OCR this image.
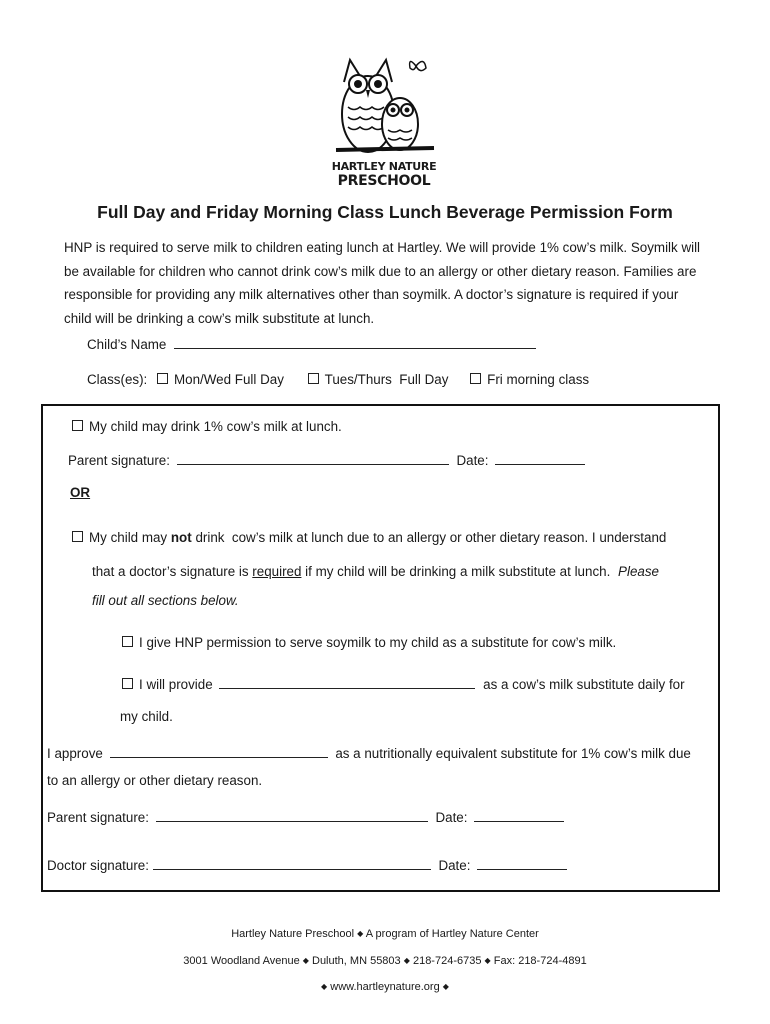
HARTLEY NATURE
PRESCHOOL
Full Day and Friday Morning Class Lunch Beverage Permission Form
HNP is required to serve milk to children eating lunch at Hartley. We will provide 1% cow’s milk. Soymilk will be available for children who cannot drink cow’s milk due to an allergy or other dietary reason. Families are responsible for providing any milk alternatives other than soymilk. A doctor’s signature is required if your child will be drinking a cow’s milk substitute at lunch.
Child’s Name
Class(es): Mon/Wed Full Day	Tues/Thurs  Full Day	Fri morning class
My child may drink 1% cow’s milk at lunch.
Parent signature:	Date:
OR
My child may not drink  cow’s milk at lunch due to an allergy or other dietary reason. I understand
that a doctor’s signature is required if my child will be drinking a milk substitute at lunch. Please
fill out all sections below.
I give HNP permission to serve soymilk to my child as a substitute for cow’s milk.
I will provide	as a cow’s milk substitute daily for
my child.
I approve	as a nutritionally equivalent substitute for 1% cow’s milk due
to an allergy or other dietary reason.
Parent signature:	Date:
Doctor signature:	Date:
Hartley Nature Preschool ◆ A program of Hartley Nature Center
3001 Woodland Avenue ◆ Duluth, MN 55803 ◆ 218-724-6735 ◆ Fax: 218-724-4891
◆ www.hartleynature.org ◆
